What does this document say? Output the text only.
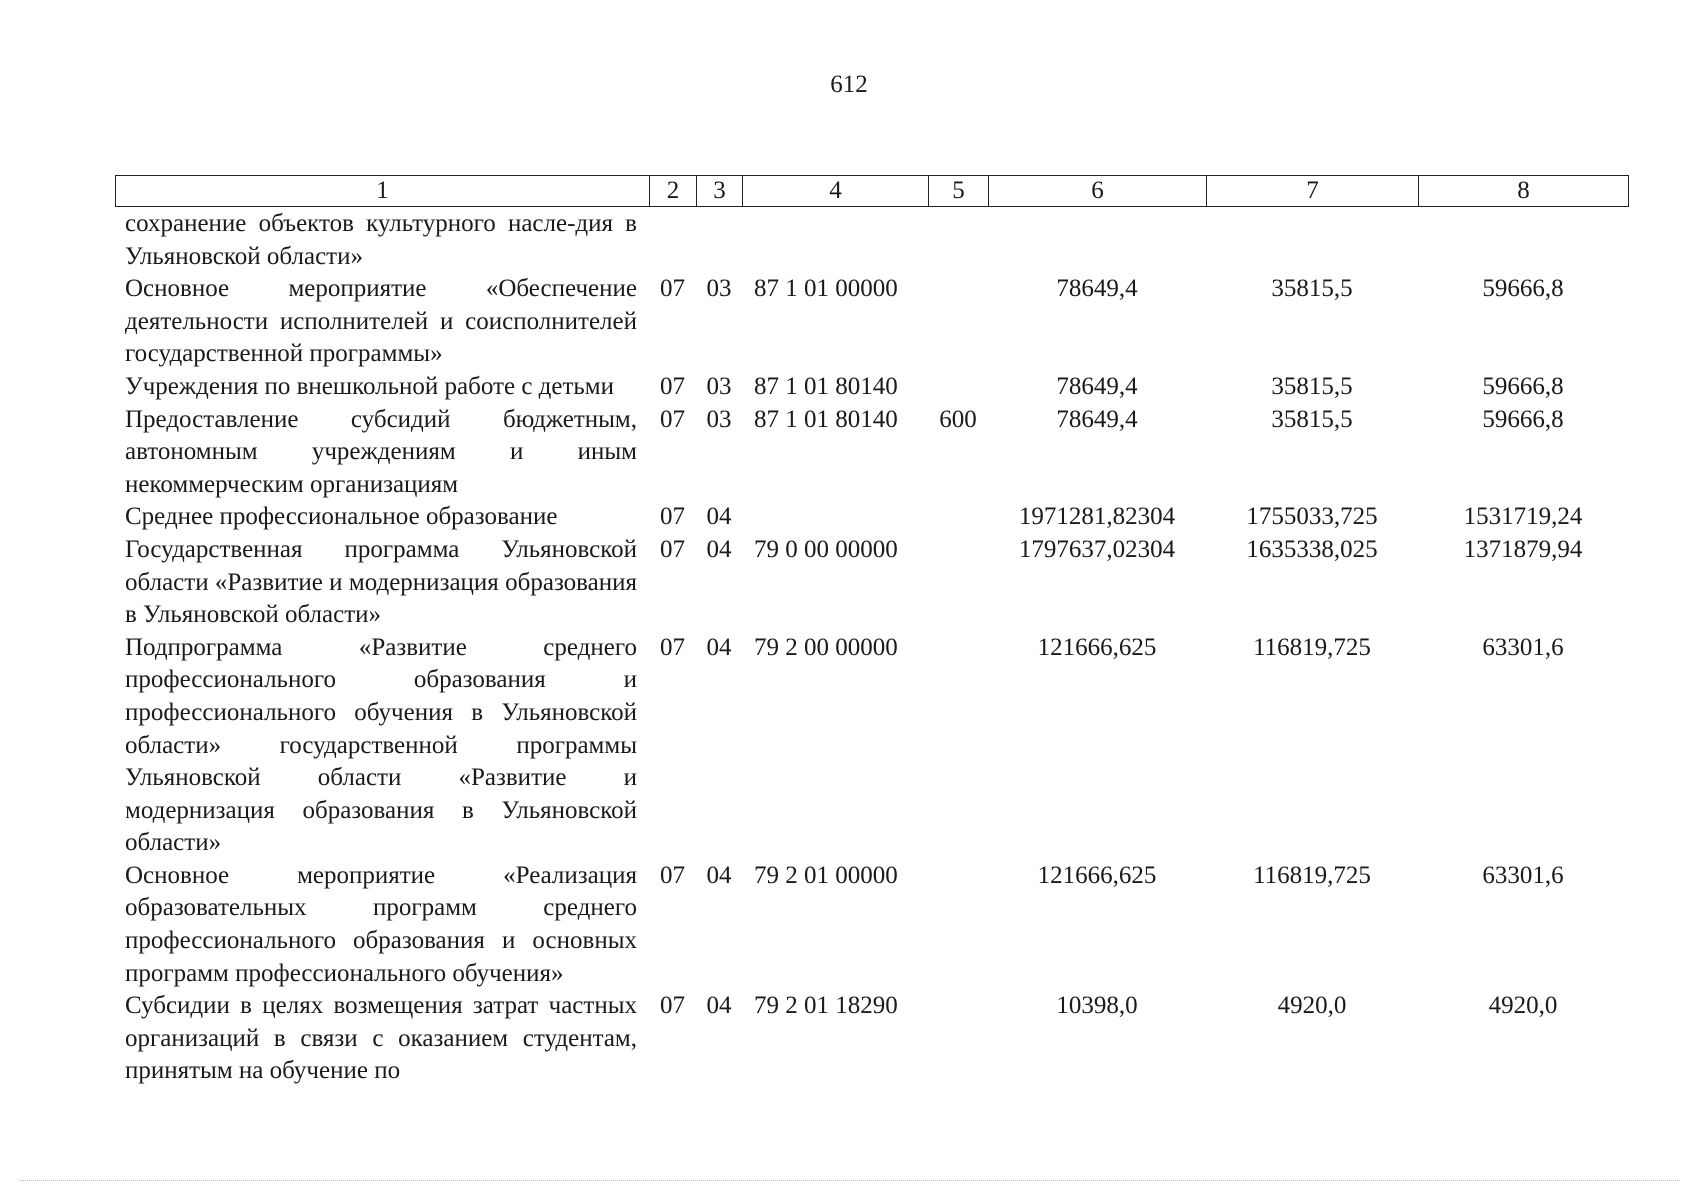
612
1	2	3	4	5	6	7	8
сохранение объектов культурного насле-дия в Ульяновской области»							
Основное мероприятие «Обеспечение деятельности исполнителей и соисполнителей государственной программы»	07	03	87 1 01 00000		78649,4	35815,5	59666,8
Учреждения по внешкольной работе с детьми	07	03	87 1 01 80140		78649,4	35815,5	59666,8
Предоставление субсидий бюджетным, автономным учреждениям и иным некоммерческим организациям	07	03	87 1 01 80140	600	78649,4	35815,5	59666,8
Среднее профессиональное образование	07	04			1971281,82304	1755033,725	1531719,24
Государственная программа Ульяновской области «Развитие и модернизация образования в Ульяновской области»	07	04	79 0 00 00000		1797637,02304	1635338,025	1371879,94
Подпрограмма «Развитие среднего профессионального образования и профессионального обучения в Ульяновской области» государственной программы Ульяновской области «Развитие и модернизация образования в Ульяновской области»	07	04	79 2 00 00000		121666,625	116819,725	63301,6
Основное мероприятие «Реализация образовательных программ среднего профессионального образования и основных программ профессионального обучения»	07	04	79 2 01 00000		121666,625	116819,725	63301,6
Субсидии в целях возмещения затрат частных организаций в связи с оказанием студентам, принятым на обучение по	07	04	79 2 01 18290		10398,0	4920,0	4920,0
